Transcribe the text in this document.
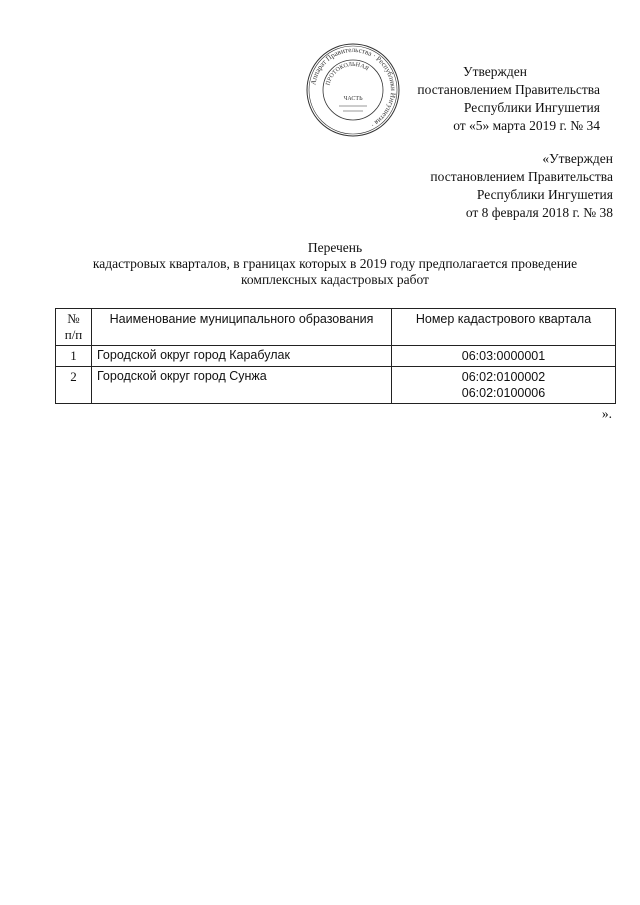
Аппарат Правительства · Республики Ингушетия ·
ПРОТОКОЛЬНАЯ
ЧАСТЬ
Утвержден
постановлением Правительства
Республики Ингушетия
от «5» марта 2019 г. № 34
«Утвержден
постановлением Правительства
Республики Ингушетия
от 8 февраля 2018 г. № 38
Перечень
кадастровых кварталов, в границах которых в 2019 году предполагается проведение
комплексных кадастровых работ
№
п/п	Наименование муниципального образования	Номер кадастрового квартала
1	Городской округ город Карабулак	06:03:0000001

2	Городской округ город Сунжа	06:02:0100002
06:02:0100006
».
